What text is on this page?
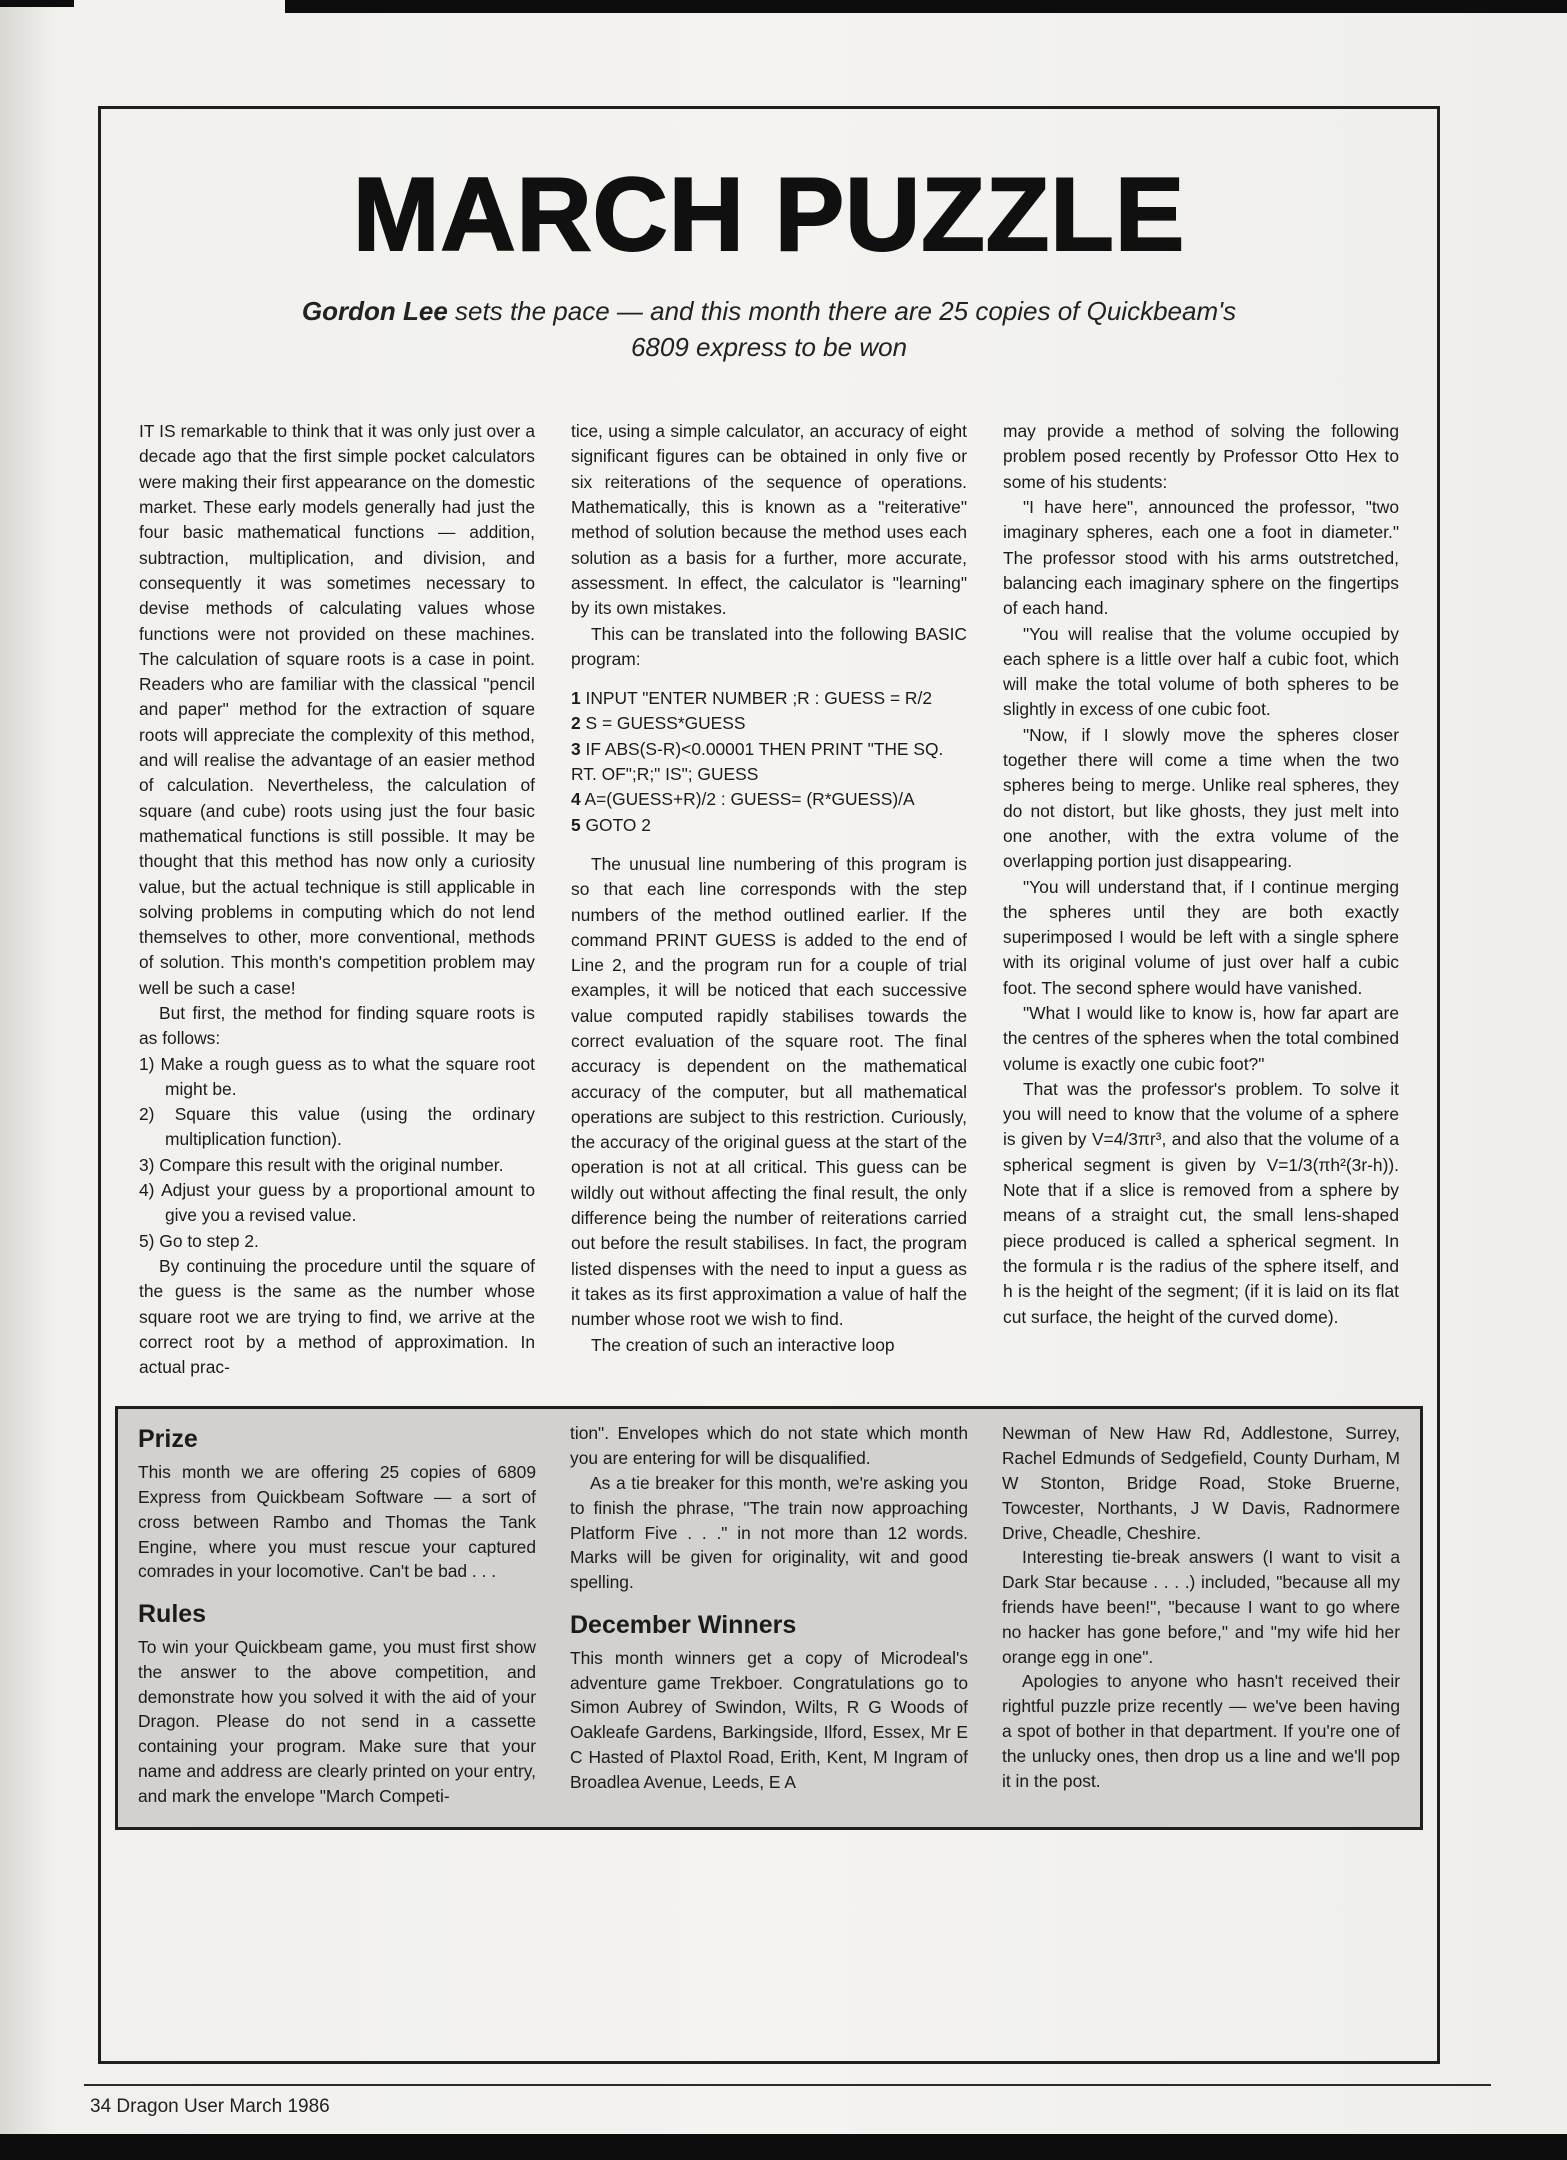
MARCH PUZZLE

Gordon Lee sets the pace — and this month there are 25 copies of Quickbeam's
6809 express to be won

IT IS remarkable to think that it was only just over a decade ago that the first simple pocket calculators were making their first appearance on the domestic market. These early models generally had just the four basic mathematical functions — addition, subtraction, multiplication, and division, and consequently it was sometimes necessary to devise methods of calculating values whose functions were not provided on these machines. The calculation of square roots is a case in point. Readers who are familiar with the classical "pencil and paper" method for the extraction of square roots will appreciate the complexity of this method, and will realise the advantage of an easier method of calculation. Nevertheless, the calculation of square (and cube) roots using just the four basic mathematical functions is still possible. It may be thought that this method has now only a curiosity value, but the actual technique is still applicable in solving problems in computing which do not lend themselves to other, more conventional, methods of solution. This month's competition problem may well be such a case!

But first, the method for finding square roots is as follows:

1) Make a rough guess as to what the square root might be.

2) Square this value (using the ordinary multiplication function).

3) Compare this result with the original number.

4) Adjust your guess by a proportional amount to give you a revised value.

5) Go to step 2.

By continuing the procedure until the square of the guess is the same as the number whose square root we are trying to find, we arrive at the correct root by a method of approximation. In actual prac-

tice, using a simple calculator, an accuracy of eight significant figures can be obtained in only five or six reiterations of the sequence of operations. Mathematically, this is known as a "reiterative" method of solution because the method uses each solution as a basis for a further, more accurate, assessment. In effect, the calculator is "learning" by its own mistakes.

This can be translated into the following BASIC program:

1 INPUT "ENTER NUMBER ;R : GUESS = R/2

2 S = GUESS*GUESS

3 IF ABS(S-R)<0.00001 THEN PRINT "THE SQ. RT. OF";R;" IS"; GUESS

4 A=(GUESS+R)/2 : GUESS= (R*GUESS)/A

5 GOTO 2

The unusual line numbering of this program is so that each line corresponds with the step numbers of the method outlined earlier. If the command PRINT GUESS is added to the end of Line 2, and the program run for a couple of trial examples, it will be noticed that each successive value computed rapidly stabilises towards the correct evaluation of the square root. The final accuracy is dependent on the mathematical accuracy of the computer, but all mathematical operations are subject to this restriction. Curiously, the accuracy of the original guess at the start of the operation is not at all critical. This guess can be wildly out without affecting the final result, the only difference being the number of reiterations carried out before the result stabilises. In fact, the program listed dispenses with the need to input a guess as it takes as its first approximation a value of half the number whose root we wish to find.

The creation of such an interactive loop

may provide a method of solving the following problem posed recently by Professor Otto Hex to some of his students:

"I have here", announced the professor, "two imaginary spheres, each one a foot in diameter." The professor stood with his arms outstretched, balancing each imaginary sphere on the fingertips of each hand.

"You will realise that the volume occupied by each sphere is a little over half a cubic foot, which will make the total volume of both spheres to be slightly in excess of one cubic foot.

"Now, if I slowly move the spheres closer together there will come a time when the two spheres being to merge. Unlike real spheres, they do not distort, but like ghosts, they just melt into one another, with the extra volume of the overlapping portion just disappearing.

"You will understand that, if I continue merging the spheres until they are both exactly superimposed I would be left with a single sphere with its original volume of just over half a cubic foot. The second sphere would have vanished.

"What I would like to know is, how far apart are the centres of the spheres when the total combined volume is exactly one cubic foot?"

That was the professor's problem. To solve it you will need to know that the volume of a sphere is given by V=4/3πr³, and also that the volume of a spherical segment is given by V=1/3(πh²(3r-h)). Note that if a slice is removed from a sphere by means of a straight cut, the small lens-shaped piece produced is called a spherical segment. In the formula r is the radius of the sphere itself, and h is the height of the segment; (if it is laid on its flat cut surface, the height of the curved dome).

Prize

This month we are offering 25 copies of 6809 Express from Quickbeam Software — a sort of cross between Rambo and Thomas the Tank Engine, where you must rescue your captured comrades in your locomotive. Can't be bad . . .

Rules

To win your Quickbeam game, you must first show the answer to the above competition, and demonstrate how you solved it with the aid of your Dragon. Please do not send in a cassette containing your program. Make sure that your name and address are clearly printed on your entry, and mark the envelope "March Competi-

tion". Envelopes which do not state which month you are entering for will be disqualified.

As a tie breaker for this month, we're asking you to finish the phrase, "The train now approaching Platform Five . . ." in not more than 12 words. Marks will be given for originality, wit and good spelling.

December Winners

This month winners get a copy of Microdeal's adventure game Trekboer. Congratulations go to Simon Aubrey of Swindon, Wilts, R G Woods of Oakleafe Gardens, Barkingside, Ilford, Essex, Mr E C Hasted of Plaxtol Road, Erith, Kent, M Ingram of Broadlea Avenue, Leeds, E A

Newman of New Haw Rd, Addlestone, Surrey, Rachel Edmunds of Sedgefield, County Durham, M W Stonton, Bridge Road, Stoke Bruerne, Towcester, Northants, J W Davis, Radnormere Drive, Cheadle, Cheshire.

Interesting tie-break answers (I want to visit a Dark Star because . . . .) included, "because all my friends have been!", "because I want to go where no hacker has gone before," and "my wife hid her orange egg in one".

Apologies to anyone who hasn't received their rightful puzzle prize recently — we've been having a spot of bother in that department. If you're one of the unlucky ones, then drop us a line and we'll pop it in the post.

34 Dragon User March 1986
